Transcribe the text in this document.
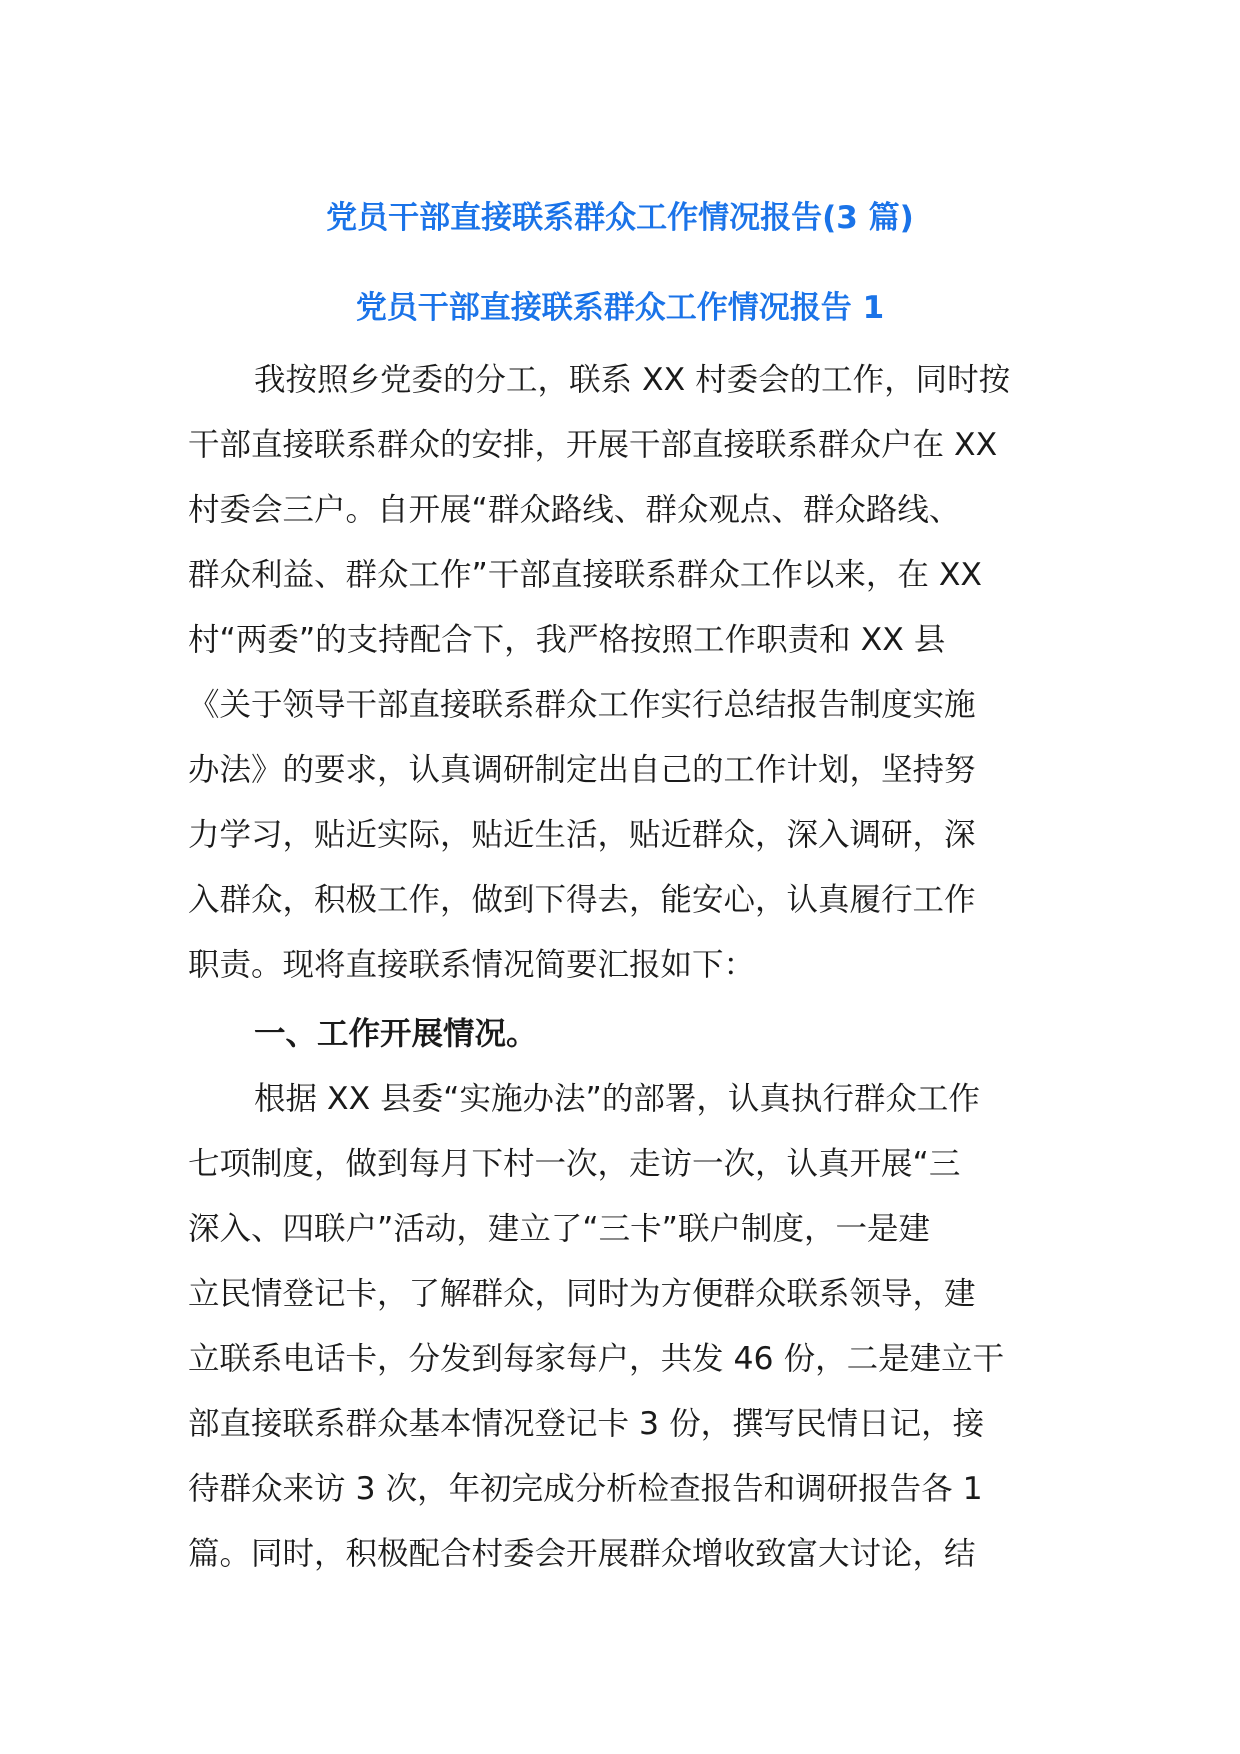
党员干部直接联系群众工作情况报告(3 篇)
党员干部直接联系群众工作情况报告 1
我按照乡党委的分工，联系 XX 村委会的工作，同时按
干部直接联系群众的安排，开展干部直接联系群众户在 XX
村委会三户。自开展“群众路线、群众观点、群众路线、
群众利益、群众工作”干部直接联系群众工作以来，在 XX
村“两委”的支持配合下，我严格按照工作职责和 XX 县
《关于领导干部直接联系群众工作实行总结报告制度实施
办法》的要求，认真调研制定出自己的工作计划，坚持努
力学习，贴近实际，贴近生活，贴近群众，深入调研，深
入群众，积极工作，做到下得去，能安心，认真履行工作
职责。现将直接联系情况简要汇报如下：
一、工作开展情况。
根据 XX 县委“实施办法”的部署，认真执行群众工作
七项制度，做到每月下村一次，走访一次，认真开展“三
深入、四联户”活动，建立了“三卡”联户制度，一是建
立民情登记卡，了解群众，同时为方便群众联系领导，建
立联系电话卡，分发到每家每户，共发 46 份，二是建立干
部直接联系群众基本情况登记卡 3 份，撰写民情日记，接
待群众来访 3 次，年初完成分析检查报告和调研报告各 1
篇。同时，积极配合村委会开展群众增收致富大讨论，结
